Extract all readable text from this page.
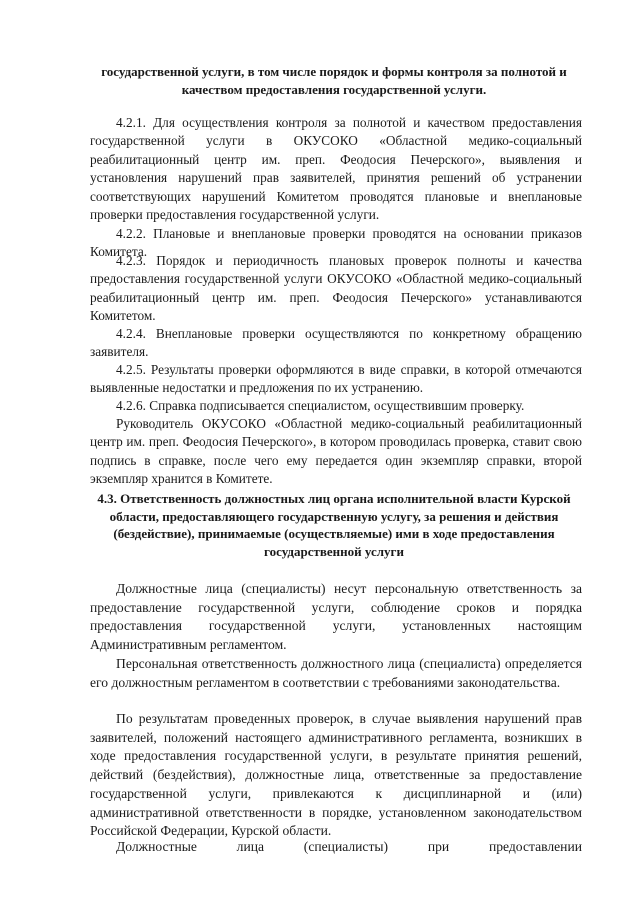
государственной услуги, в том числе порядок и формы контроля за полнотой и качеством предоставления государственной услуги.
4.2.1. Для осуществления контроля за полнотой и качеством предоставления государственной услуги в ОКУСОКО «Областной медико-социальный реабилитационный центр им. преп. Феодосия Печерского», выявления и установления нарушений прав заявителей, принятия решений об устранении соответствующих нарушений Комитетом проводятся плановые и внеплановые проверки предоставления государственной услуги.
4.2.2. Плановые и внеплановые проверки проводятся на основании приказов Комитета.
4.2.3. Порядок и периодичность плановых проверок полноты и качества предоставления государственной услуги ОКУСОКО «Областной медико-социальный реабилитационный центр им. преп. Феодосия Печерского» устанавливаются Комитетом.
4.2.4. Внеплановые проверки осуществляются по конкретному обращению заявителя.
4.2.5. Результаты проверки оформляются в виде справки, в которой отмечаются выявленные недостатки и предложения по их устранению.
4.2.6. Справка подписывается специалистом, осуществившим проверку.
Руководитель ОКУСОКО «Областной медико-социальный реабилитационный центр им. преп. Феодосия Печерского», в котором проводилась проверка, ставит свою подпись в справке, после чего ему передается один экземпляр справки, второй экземпляр хранится в Комитете.
4.3. Ответственность должностных лиц органа исполнительной власти Курской области, предоставляющего государственную услугу, за решения и действия (бездействие), принимаемые (осуществляемые) ими в ходе предоставления государственной услуги
Должностные лица (специалисты) несут персональную ответственность за предоставление государственной услуги, соблюдение сроков и порядка предоставления государственной услуги, установленных настоящим Административным регламентом.
Персональная ответственность должностного лица (специалиста) определяется его должностным регламентом в соответствии с требованиями законодательства.
По результатам проведенных проверок, в случае выявления нарушений прав заявителей, положений настоящего административного регламента, возникших в ходе предоставления государственной услуги, в результате принятия решений, действий (бездействия), должностные лица, ответственные за предоставление государственной услуги, привлекаются к дисциплинарной и (или) административной ответственности в порядке, установленном законодательством Российской Федерации, Курской области.
Должностные лица (специалисты) при предоставлении
